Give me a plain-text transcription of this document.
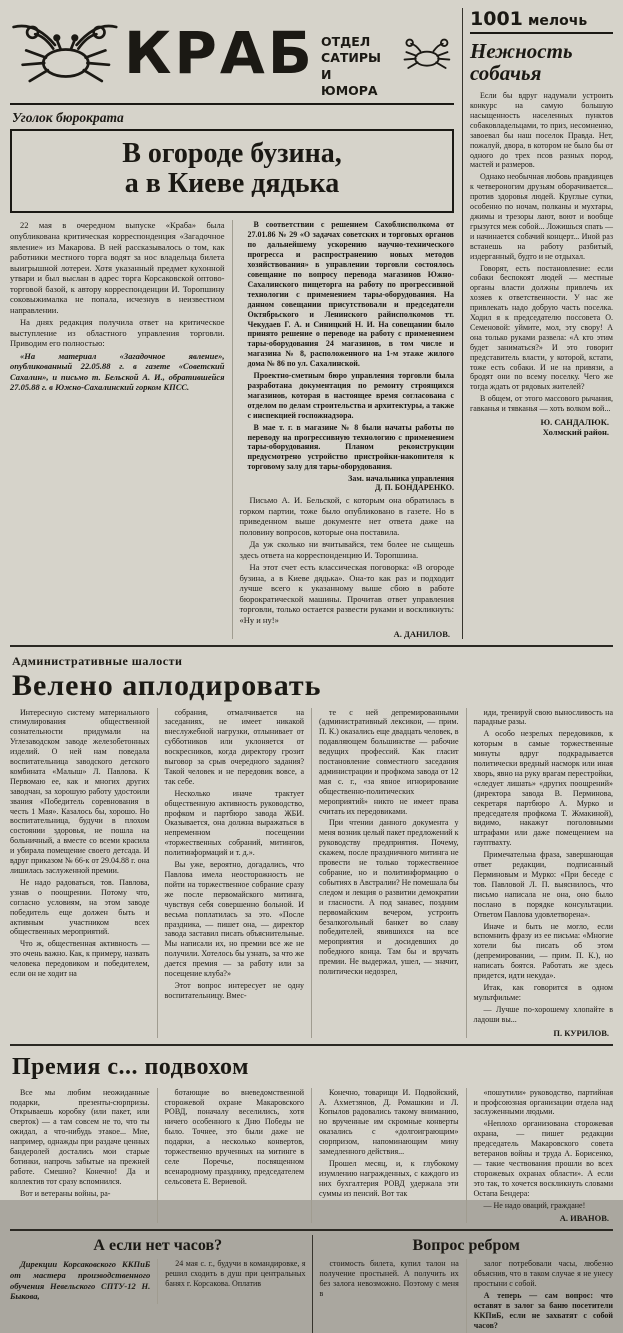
КРАБ ОТДЕЛ САТИРЫ
И ЮМОРА
Уголок бюрократа
В огороде бузина,
а в Киеве дядька

22 мая в очередном выпуске «Краба» была опубликована критическая корреспонденция «Загадочное явление» из Макарова. В ней рассказывалось о том, как работники местного торга водят за нос владельца билета выигрышной лотереи. Хотя указанный предмет кухонной утвари и был выслан в адрес торга Корсаковской оптово-торговой базой, к автору корреспонденции И. Торопшину соковыжималка не попала, исчезнув в неизвестном направлении.

На днях редакция получила ответ на критическое выступление из областного управления торговли. Приводим его полностью:

«На материал «Загадочное явление», опубликованный 22.05.88 г. в газете «Советский Сахалин», и письмо т. Бельской А. И., обратившейся 27.05.88 г. в Южно-Сахалинский горком КПСС.

В соответствии с решением Сахоблисполкома от 27.01.86 № 29 «О задачах советских и торговых органов по дальнейшему ускорению научно-технического прогресса и распространению новых методов хозяйствования» в управлении торговли состоялось совещание по вопросу перевода магазинов Южно-Сахалинского пищеторга на работу по прогрессивной технологии с применением тары-оборудования. На данном совещании присутствовали и председатели Октябрьского и Ленинского райисполкомов тт. Чекудаев Г. А. и Синицкий Н. И. На совещании было принято решение о переводе на работу с применением тары-оборудования 24 магазинов, в том числе и магазина № 8, расположенного на 1-м этаже жилого дома № 86 по ул. Сахалинской.

Проектно-сметным бюро управления торговли была разработана документация по ремонту строящихся магазинов, которая в настоящее время согласована с отделом по делам строительства и архитектуры, а также с инспекцией госпожнадзора.

В мае т. г. в магазине № 8 были начаты работы по переводу на прогрессивную технологию с применением тары-оборудования. Планом реконструкции предусмотрено устройство пристройки-накопителя к торговому залу для тары-оборудования.

Зам. начальника управления
Д. П. БОНДАРЕНКО.

Письмо А. И. Бельской, с которым она обратилась в горком партии, тоже было опубликовано в газете. Но в приведенном выше документе нет ответа даже на половину вопросов, которые она поставила.

Да уж сколько ни вчитывайся, тем более не сыщешь здесь ответа на корреспонденцию И. Торопшина.

На этот счет есть классическая поговорка: «В огороде бузина, а в Киеве дядька». Она-то как раз и подходит лучше всего к указанному выше сбою в работе бюрократической машины. Прочитав ответ управления торговли, только остается развести руками и воскликнуть: «Ну и ну!»

А. ДАНИЛОВ.
1001 мелочь
Нежность
собачья

Если бы вдруг надумали устроить конкурс на самую большую насыщенность населенных пунктов собаковладельцами, то приз, несомненно, завоевал бы наш поселок Правда. Нет, пожалуй, двора, в котором не было бы от одного до трех псов разных пород, мастей и размеров.

Однако необычная любовь правдинцев к четвероногим друзьям оборачивается... против здоровья людей. Круглые сутки, особенно по ночам, полканы и мухтары, джимы и трезоры лают, воют и вообще грызутся меж собой... Ложишься спать — и начинается собачий концерт... Иной раз встанешь на работу разбитый, издерганный, будто и не отдыхал.

Говорят, есть постановление: если собаки беспокоят людей — местные органы власти должны привлечь их хозяев к ответственности. У нас же привлекать надо добрую часть поселка. Ходил я к председателю поссовета О. Семеновой: уймите, мол, эту свору! А она только руками развела: «А кто этим будет заниматься?» И это говорит представитель власти, у которой, кстати, тоже есть собаки. И не на привязи, а бродят они по всему поселку. Чего же тогда ждать от рядовых жителей?

В общем, от этого массового рычания, гавканья и тявканья — хоть волком вой...

Ю. САНДАЛЮК.
Холмский район.
Административные шалости
Велено аплодировать

Интересную систему материального стимулирования общественной сознательности придумали на Углезаводском заводе железобетонных изделий. О ней нам поведала воспитательница заводского детского комбината «Малыш» Л. Павлова. К Первомаю ее, как и многих других заводчан, за хорошую работу удостоили звания «Победитель соревнования в честь 1 Мая». Казалось бы, хорошо. Но воспитательница, будучи в плохом состоянии здоровья, не пошла на больничный, а вместе со всеми красила и убирала помещение своего детсада. И вдруг приказом № 66-к от 29.04.88 г. она лишилась заслуженной премии.

Не надо радоваться, тов. Павлова, узнав о поощрении. Потому что, согласно условиям, на этом заводе победитель еще должен быть и активным участником всех общественных мероприятий.

Что ж, общественная активность — это очень важно. Как, к примеру, назвать человека передовиком и победителем, если он не ходит на

собрания, отмалчивается на заседаниях, не имеет никакой внеслужебной нагрузки, отлынивает от субботников или уклоняется от воскресников, когда директору грозит выговор за срыв очередного задания? Такой человек и не передовик вовсе, а так себе.

Несколько иначе трактует общественную активность руководство, профком и партбюро завода ЖБИ. Оказывается, она должна выражаться в непременном посещении «торжественных собраний, митингов, политинформаций и т. д.».

Вы уже, вероятно, догадались, что Павлова имела неосторожность не пойти на торжественное собрание сразу же после первомайского митинга, чувствуя себя совершенно больной. И весьма поплатилась за это. «После праздника, — пишет она, — директор завода заставил писать объяснительные. Мы написали их, но премии все же не получили. Хотелось бы узнать, за что же дается премия — за работу или за посещение клуба?»

Этот вопрос интересует не одну воспитательницу. Вмес-

те с ней депремированными (административный лексикон, — прим. П. К.) оказались еще двадцать человек, в подавляющем большинстве — рабочие ведущих профессий. Как гласит постановление совместного заседания администрации и профкома завода от 12 мая с. г., «за явное игнорирование общественно-политических мероприятий» никто не имеет права считать их передовиками.

При чтении данного документа у меня возник целый пакет предложений к руководству предприятия. Почему, скажем, после праздничного митинга не провести не только торжественное собрание, но и политинформацию о событиях в Австралии? Не помешала бы следом и лекция о развитии демократии и гласности. А под занавес, поздним первомайским вечером, устроить безалкогольный банкет во славу победителей, явившихся на все мероприятия и досидевших до победного конца. Там бы и вручать премии. Не выдержал, ушел, — значит, политически недозрел,

иди, тренируй свою выносливость на парадные разы.

А особо незрелых передовиков, к которым в самые торжественные минуты вдруг подкрадывается политически вредный насморк или иная хворь, явно на руку врагам перестройки, «следует лишать» «других поощрений» (директора завода В. Перминова, секретаря партбюро А. Мурко и председателя профкома Т. Жмакиной), видимо, накажут поголовными штрафами или даже помещением на гауптвахту.

Примечательна фраза, завершающая ответ редакции, подписанный Перминовым и Мурко: «При беседе с тов. Павловой Л. П. выяснилось, что письмо написала не она, оно было послано в порядке консультации. Ответом Павлова удовлетворена».

Иначе и быть не могло, если вспомнить фразу из ее письма: «Многие хотели бы писать об этом (депремировании, — прим. П. К.), но написать боятся. Работать же здесь придется, идти некуда».

Итак, как говорится в одном мультфильме:

— Лучше по-хорошему хлопайте в ладоши вы...

П. КУРИЛОВ.
Премия с... подвохом

Все мы любим неожиданные подарки, презенты-сюрпризы. Открываешь коробку (или пакет, или сверток) — а там совсем не то, что ты ожидал, а что-нибудь этакое... Мне, например, однажды при раздаче ценных бандеролей достались мои старые ботинки, напрочь забытые на прежней работе. Смешно? Конечно! Да и коллектив тот сразу вспомнился.

Вот и ветераны войны, ра-

ботающие во вневедомственной сторожевой охране Макаровского РОВД, поначалу веселились, хотя ничего особенного к Дню Победы не было. Точнее, это были даже не подарки, а несколько конвертов, торжественно врученных на митинге в селе Поречье, посвященном всенародному празднику, председателем сельсовета Е. Вериевой.

Конечно, товарищи И. Подвойский, А. Ахметзянов, Д. Ромашкин и Л. Копылов радовались такому вниманию, но врученные им скромные конверты оказались с «долгоиграющим» сюрпризом, напоминающим мину замедленного действия...

Прошел месяц, и, к глубокому изумлению награжденных, с каждого из них бухгалтерия РОВД удержала эти суммы из пенсий. Вот так

«пошутили» руководство, партийная и профсоюзная организации отдела над заслуженными людьми.

«Неплохо организована сторожевая охрана, — пишет редакции председатель Макаровского совета ветеранов войны и труда А. Борисенко, — такие чествования прошли во всех сторожевых охранах области». А если это так, то хочется воскликнуть словами Остапа Бендера:

— Не надо оваций, граждане!

А. ИВАНОВ.
А если нет часов?

Дирекции Корсаковского ККПиБ от мастера производственного обучения Невельского СПТУ-12 Н. Быкова,

24 мая с. г., будучи в командировке, я решил сходить в душ при центральных банях г. Корсакова. Оплатив

Вопрос ребром

стоимость билета, купил талон на получение простыней. А получить их без залога невозможно. Поэтому с меня в

залог потребовали часы, любезно объяснив, что в таком случае я не унесу простыни с собой.

А теперь — сам вопрос: что оставят в залог за баню посетители ККПиБ, если не захватят с собой часов?
